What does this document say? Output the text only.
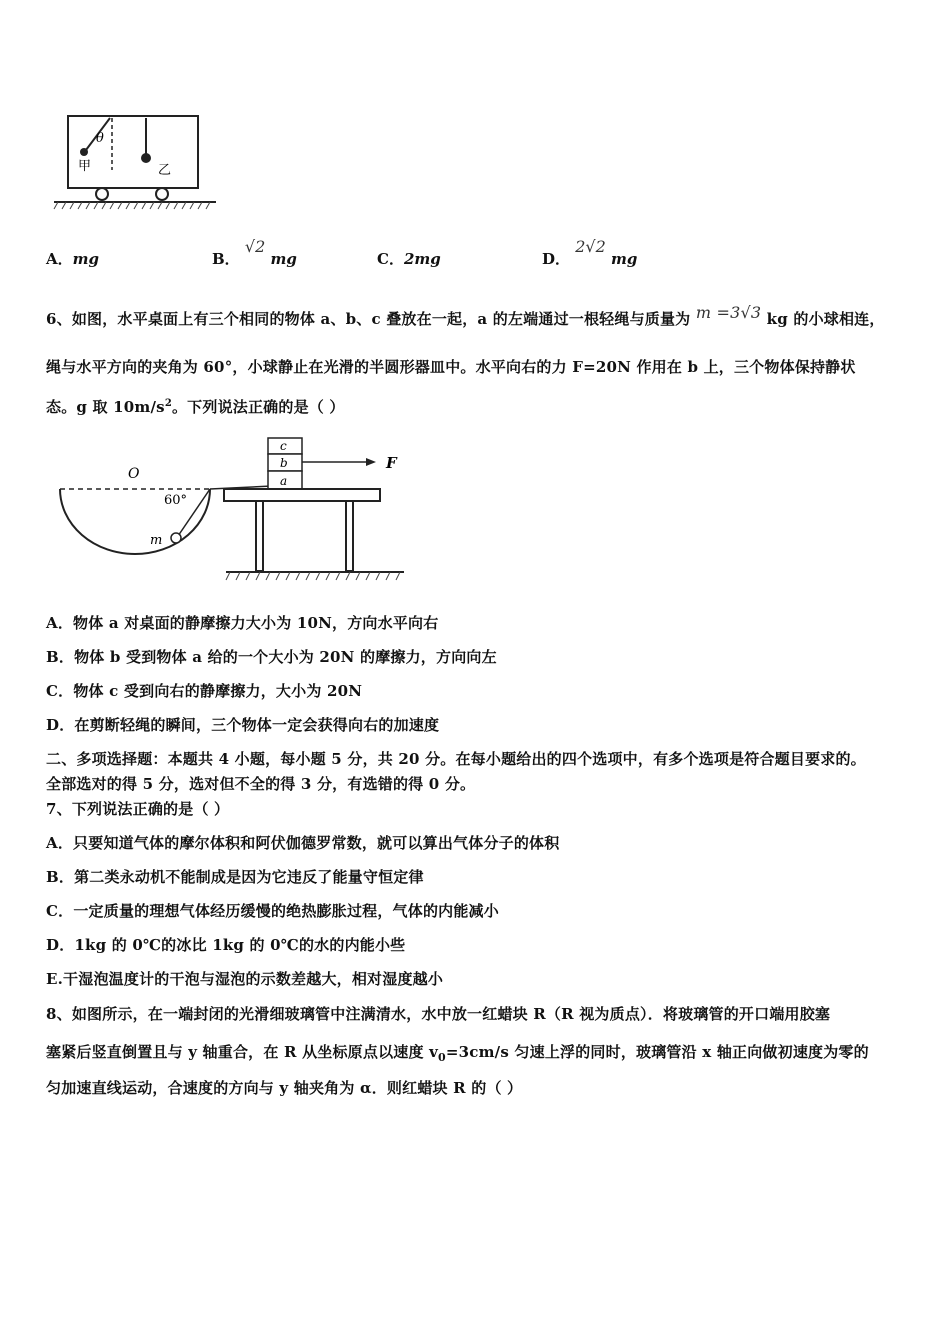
θ
甲	乙
A．mg	B． √2 mg	C．2mg	D． 2√2 mg
6、如图，水平桌面上有三个相同的物体 a、b、c 叠放在一起，a 的左端通过一根轻绳与质量为 m =3√3 kg 的小球相连，
绳与水平方向的夹角为 60°，小球静止在光滑的半圆形器皿中。水平向右的力 F=20N 作用在 b 上，三个物体保持静状
态。g 取 $10m/s^2$。下列说法正确的是（ ）
O
60°
m
c
b
a
F
A．物体 a 对桌面的静摩擦力大小为 10N，方向水平向右
B．物体 b 受到物体 a 给的一个大小为 20N 的摩擦力，方向向左
C．物体 c 受到向右的静摩擦力，大小为 20N
D．在剪断轻绳的瞬间，三个物体一定会获得向右的加速度
二、多项选择题：本题共 4 小题，每小题 5 分，共 20 分。在每小题给出的四个选项中，有多个选项是符合题目要求的。
全部选对的得 5 分，选对但不全的得 3 分，有选错的得 0 分。
7、下列说法正确的是（ ）
A．只要知道气体的摩尔体积和阿伏伽德罗常数，就可以算出气体分子的体积
B．第二类永动机不能制成是因为它违反了能量守恒定律
C．一定质量的理想气体经历缓慢的绝热膨胀过程，气体的内能减小
D．1kg 的 0℃的冰比 1kg 的 0℃的水的内能小些
E.干湿泡温度计的干泡与湿泡的示数差越大，相对湿度越小
8、如图所示，在一端封闭的光滑细玻璃管中注满清水，水中放一红蜡块 R（R 视为质点）．将玻璃管的开口端用胶塞
塞紧后竖直倒置且与 y 轴重合，在 R 从坐标原点以速度 $v_0=3cm/s$ 匀速上浮的同时，玻璃管沿 x 轴正向做初速度为零的
匀加速直线运动，合速度的方向与 y 轴夹角为 α．则红蜡块 R 的（ ）
